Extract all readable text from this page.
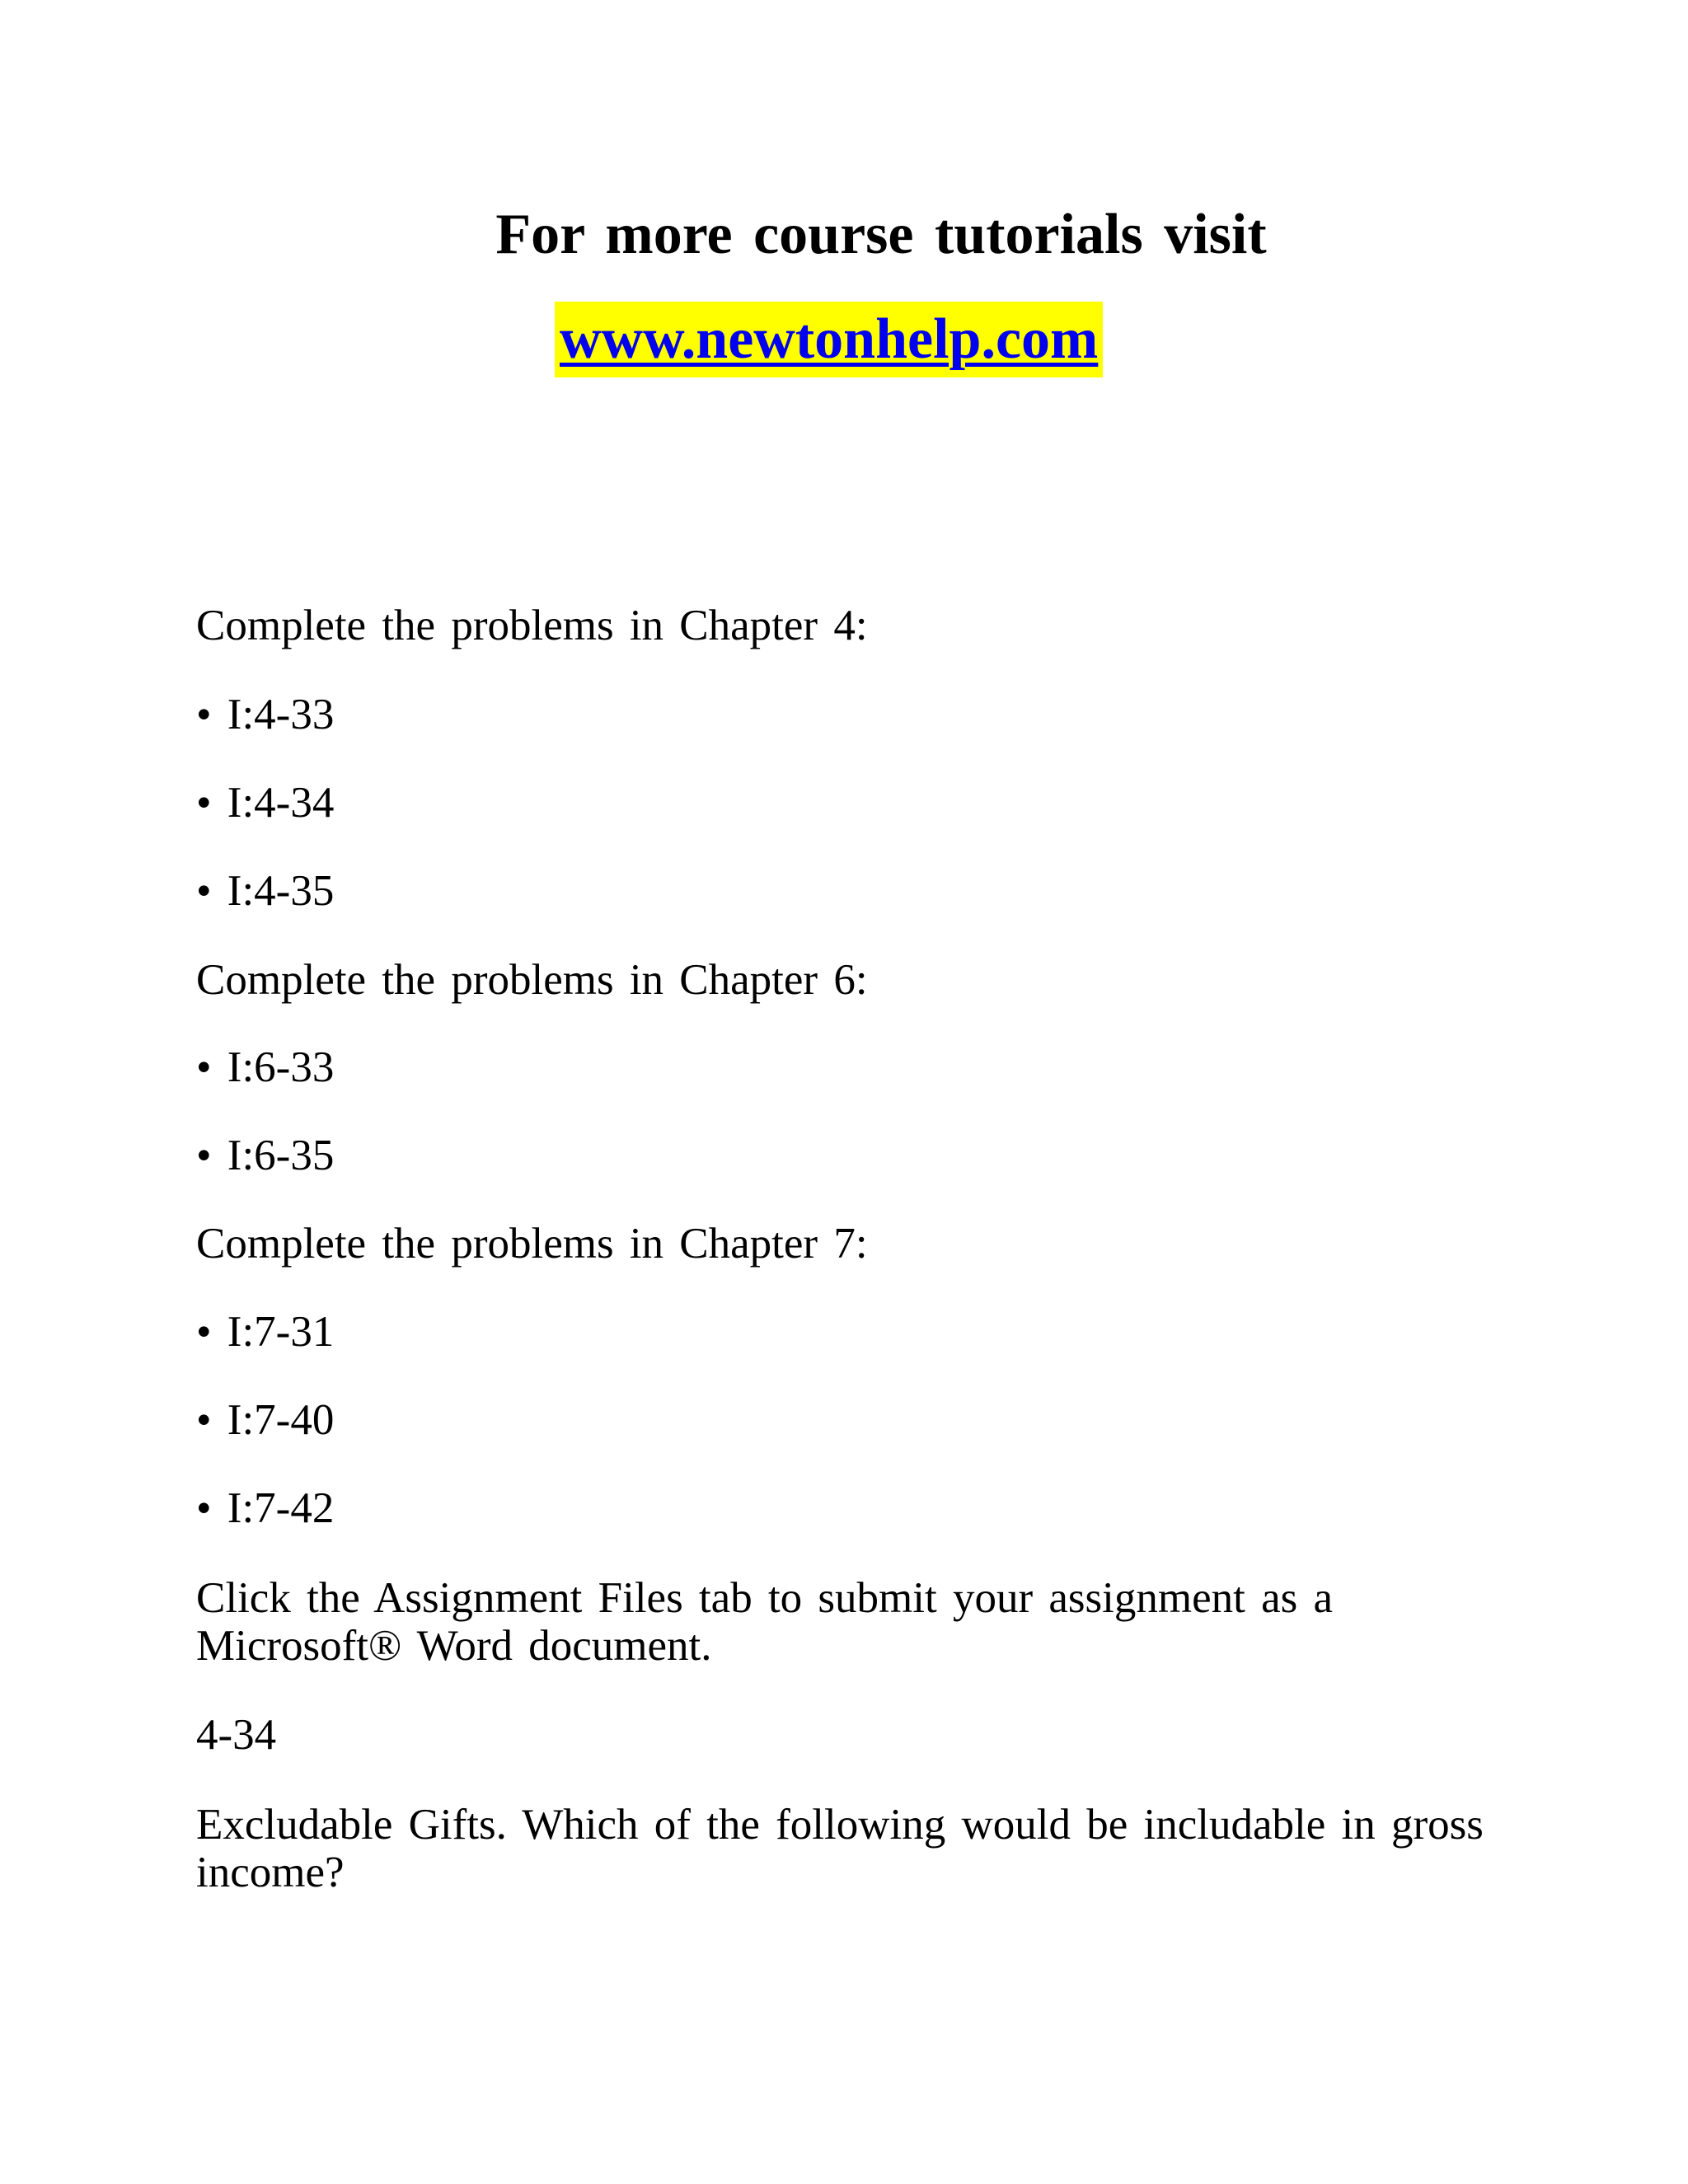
For more course tutorials visit
www.newtonhelp.com
Complete the problems in Chapter 4:
• I:4-33
• I:4-34
• I:4-35
Complete the problems in Chapter 6:
• I:6-33
• I:6-35
Complete the problems in Chapter 7:
• I:7-31
• I:7-40
• I:7-42
Click the Assignment Files tab to submit your assignment as a
Microsoft® Word document.
4-34
Excludable Gifts. Which of the following would be includable in gross
income?
